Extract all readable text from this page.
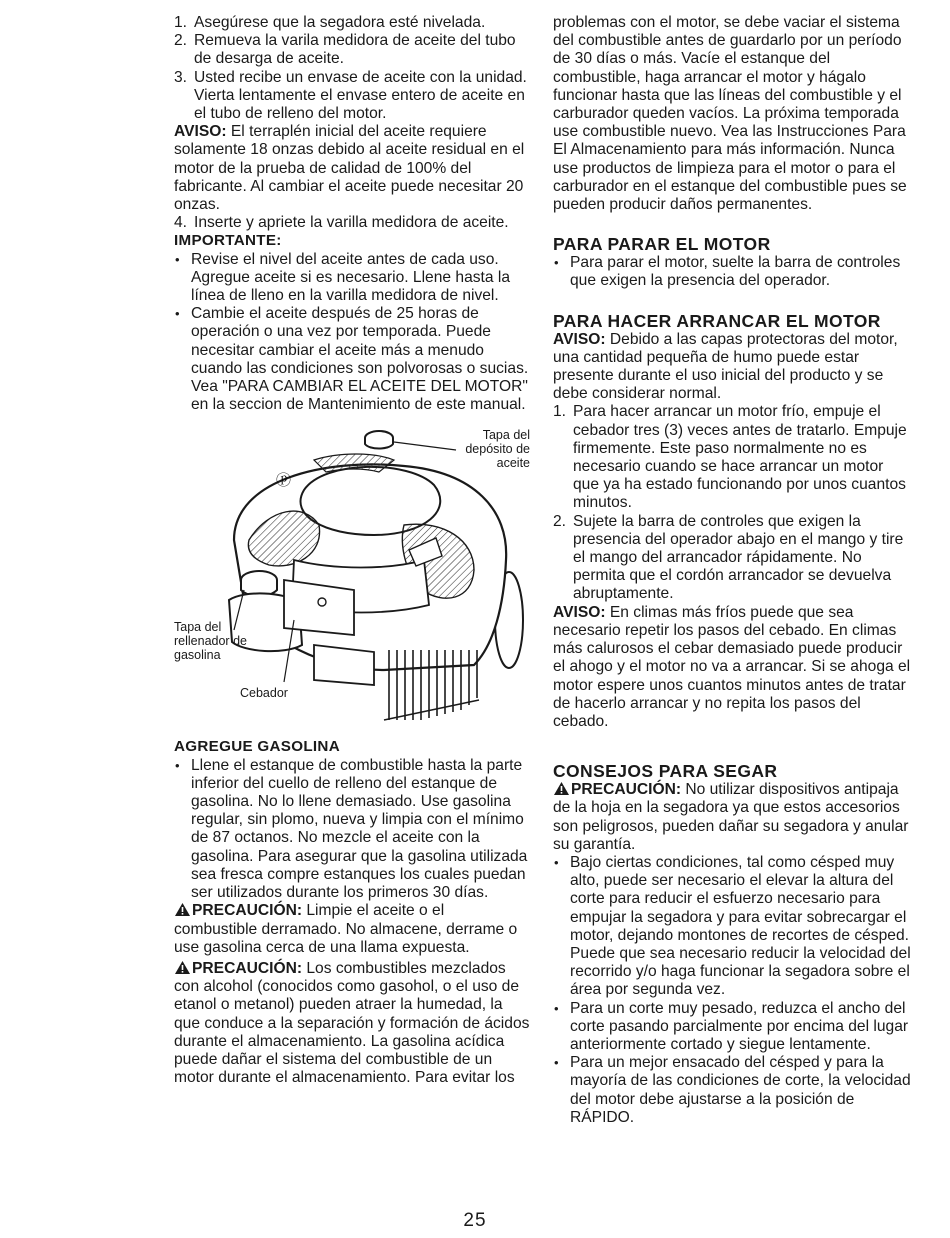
1. Asegúrese que la segadora esté nivelada.
2. Remueva la varila medidora de aceite del tubo de desarga de aceite.
3. Usted recibe un envase de aceite con la unidad. Vierta lentamente el envase entero de aceite en el tubo de relleno del motor.

AVISO: El terraplén inicial del aceite requiere solamente 18 onzas debido al aceite residual en el motor de la prueba de calidad de 100% del fabricante. Al cambiar el aceite puede necesitar 20 onzas.

4. Inserte y apriete la varilla medidora de aceite.
IMPORTANTE:
• Revise el nivel del aceite antes de cada uso. Agregue aceite si es necesario. Llene hasta la línea de lleno en la varilla medidora de nivel.
• Cambie el aceite después de 25 horas de operación o una vez por temporada. Puede necesitar cambiar el aceite más a menudo cuando las condiciones son polvorosas o sucias. Vea "PARA CAMBIAR EL ACEITE DEL MOTOR" en la seccion de Mantenimiento de este manual.
ⓟ
Tapa del depósito de aceite
Tapa del rellenador de gasolina
Cebador
AGREGUE GASOLINA
• Llene el estanque de combustible hasta la parte inferior del cuello de relleno del estanque de gasolina. No lo llene demasiado. Use gasolina regular, sin plomo, nueva y limpia con el mínimo de 87 octanos. No mezcle el aceite con la gasolina. Para asegurar que la gasolina utilizada sea fresca compre estanques los cuales puedan ser utilizados durante los primeros 30 días.

PRECAUCIÓN: Limpie el aceite o el combustible derramado. No almacene, derrame o use gasolina cerca de una llama expuesta.

PRECAUCIÓN: Los combustibles mezclados con alcohol (conocidos como gasohol, o el uso de etanol o metanol) pueden atraer la humedad, la que conduce a la separación y formación de ácidos durante el almacenamiento. La gasolina acídica puede dañar el sistema del combustible de un motor durante el almacenamiento. Para evitar los

problemas con el motor, se debe vaciar el sistema del combustible antes de guardarlo por un período de 30 días o más. Vacíe el estanque del combustible, haga arrancar el motor y hágalo funcionar hasta que las líneas del combustible y el carburador queden vacíos. La próxima temporada use combustible nuevo. Vea las Instrucciones Para El Almacenamiento para más información. Nunca use productos de limpieza para el motor o para el carburador en el estanque del combustible pues se pueden producir daños permanentes.

PARA PARAR EL MOTOR
• Para parar el motor, suelte la barra de controles que exigen la presencia del operador.
PARA HACER ARRANCAR EL MOTOR

AVISO: Debido a las capas protectoras del motor, una cantidad pequeña de humo puede estar presente durante el uso inicial del producto y se debe considerar normal.

1. Para hacer arrancar un motor frío, empuje el cebador tres (3) veces antes de tratarlo. Empuje firmemente. Este paso normalmente no es necesario cuando se hace arrancar un motor que ya ha estado funcionando por unos cuantos minutos.
2. Sujete la barra de controles que exigen la presencia del operador abajo en el mango y tire el mango del arrancador rápidamente. No permita que el cordón arrancador se devuelva abruptamente.

AVISO: En climas más fríos puede que sea necesario repetir los pasos del cebado. En climas más calurosos el cebar demasiado puede producir el ahogo y el motor no va a arrancar. Si se ahoga el motor espere unos cuantos minutos antes de tratar de hacerlo arrancar y no repita los pasos del cebado.

CONSEJOS PARA SEGAR

PRECAUCIÓN: No utilizar dispositivos antipaja de la hoja en la segadora ya que estos accesorios son peligrosos, pueden dañar su segadora y anular su garantía.

• Bajo ciertas condiciones, tal como césped muy alto, puede ser necesario el elevar la altura del corte para reducir el esfuerzo necesario para empujar la segadora y para evitar sobrecargar el motor, dejando montones de recortes de césped. Puede que sea necesario reducir la velocidad del recorrido y/o haga funcionar la segadora sobre el área por segunda vez.
• Para un corte muy pesado, reduzca el ancho del corte pasando parcialmente por encima del lugar anteriormente cortado y siegue lentamente.
• Para un mejor ensacado del césped y para la mayoría de las condiciones de corte, la velocidad del motor debe ajustarse a la posición de RÁPIDO.
25
